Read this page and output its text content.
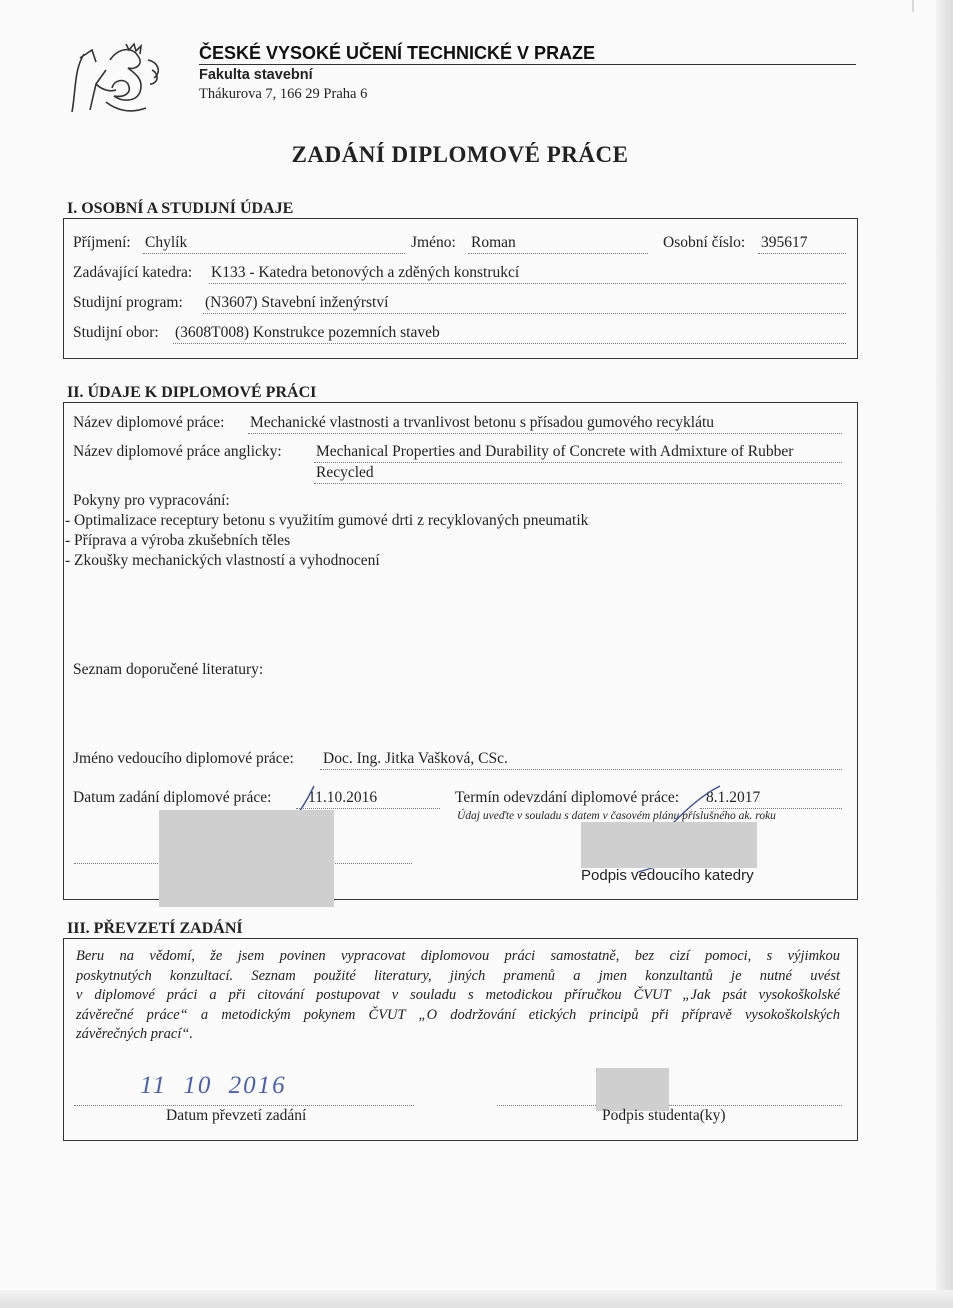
ČESKÉ VYSOKÉ UČENÍ TECHNICKÉ V PRAZE
Fakulta stavební
Thákurova 7, 166 29 Praha 6
ZADÁNÍ DIPLOMOVÉ PRÁCE
I. OSOBNÍ A STUDIJNÍ ÚDAJE
Příjmení: Chylík	Jméno: Roman	Osobní číslo: 395617
Zadávající katedra: K133 - Katedra betonových a zděných konstrukcí
Studijní program: (N3607) Stavební inženýrství
Studijní obor: (3608T008) Konstrukce pozemních staveb
II. ÚDAJE K DIPLOMOVÉ PRÁCI
Název diplomové práce: Mechanické vlastnosti a trvanlivost betonu s přísadou gumového recyklátu
Název diplomové práce anglicky: Mechanical Properties and Durability of Concrete with Admixture of Rubber
Recycled
Pokyny pro vypracování:
- Optimalizace receptury betonu s využitím gumové drti z recyklovaných pneumatik
- Příprava a výroba zkušebních těles
- Zkoušky mechanických vlastností a vyhodnocení
Seznam doporučené literatury:
Jméno vedoucího diplomové práce: Doc. Ing. Jitka Vašková, CSc.
Datum zadání diplomové práce:	11.10.2016	Termín odevzdání diplomové práce:	8.1.2017
Údaj uveďte v souladu s datem v časovém plánu příslušného ak. roku
Podpis vedoucího katedry
III. PŘEVZETÍ ZADÁNÍ
Beru na vědomí, že jsem povinen vypracovat diplomovou práci samostatně, bez cizí pomoci, s výjimkou
poskytnutých konzultací. Seznam použité literatury, jiných pramenů a jmen konzultantů je nutné uvést
v diplomové práci a při citování postupovat v souladu s metodickou příručkou ČVUT „Jak psát vysokoškolské
závěrečné práce“ a metodickým pokynem ČVUT „O dodržování etických principů při přípravě vysokoškolských
závěrečných prací“.
11 10 2016
Datum převzetí zadání	Podpis studenta(ky)
